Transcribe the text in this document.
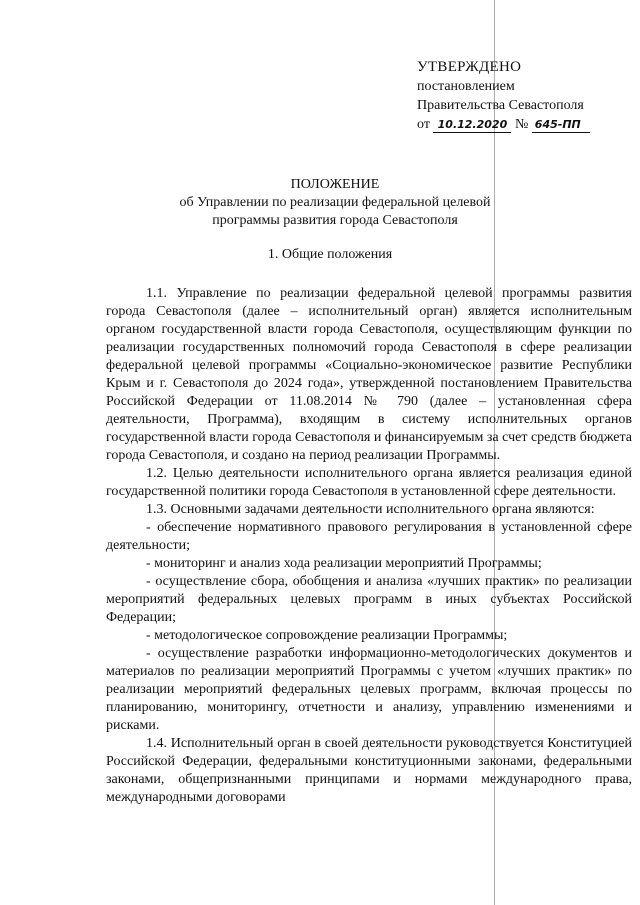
УТВЕРЖДЕНО
постановлением
Правительства Севастополя
от 10.12.2020 № 645-ПП
ПОЛОЖЕНИЕ
об Управлении по реализации федеральной целевой
программы развития города Севастополя
1. Общие положения

1.1. Управление по реализации федеральной целевой программы развития города Севастополя (далее – исполнительный орган) является исполнительным органом государственной власти города Севастополя, осуществляющим функции по реализации государственных полномочий города Севастополя в сфере реализации федеральной целевой программы «Социально-экономическое развитие Республики Крым и г. Севастополя до 2024 года», утвержденной постановлением Правительства Российской Федерации от 11.08.2014 № 790 (далее – установленная сфера деятельности, Программа), входящим в систему исполнительных органов государственной власти города Севастополя и финансируемым за счет средств бюджета города Севастополя, и создано на период реализации Программы.

1.2. Целью деятельности исполнительного органа является реализация единой государственной политики города Севастополя в установленной сфере деятельности.

1.3. Основными задачами деятельности исполнительного органа являются:

- обеспечение нормативного правового регулирования в установленной сфере деятельности;

- мониторинг и анализ хода реализации мероприятий Программы;

- осуществление сбора, обобщения и анализа «лучших практик» по реализации мероприятий федеральных целевых программ в иных субъектах Российской Федерации;

- методологическое сопровождение реализации Программы;

- осуществление разработки информационно-методологических документов и материалов по реализации мероприятий Программы с учетом «лучших практик» по реализации мероприятий федеральных целевых программ, включая процессы по планированию, мониторингу, отчетности и анализу, управлению изменениями и рисками.

1.4. Исполнительный орган в своей деятельности руководствуется Конституцией Российской Федерации, федеральными конституционными законами, федеральными законами, общепризнанными принципами и нормами международного права, международными договорами
